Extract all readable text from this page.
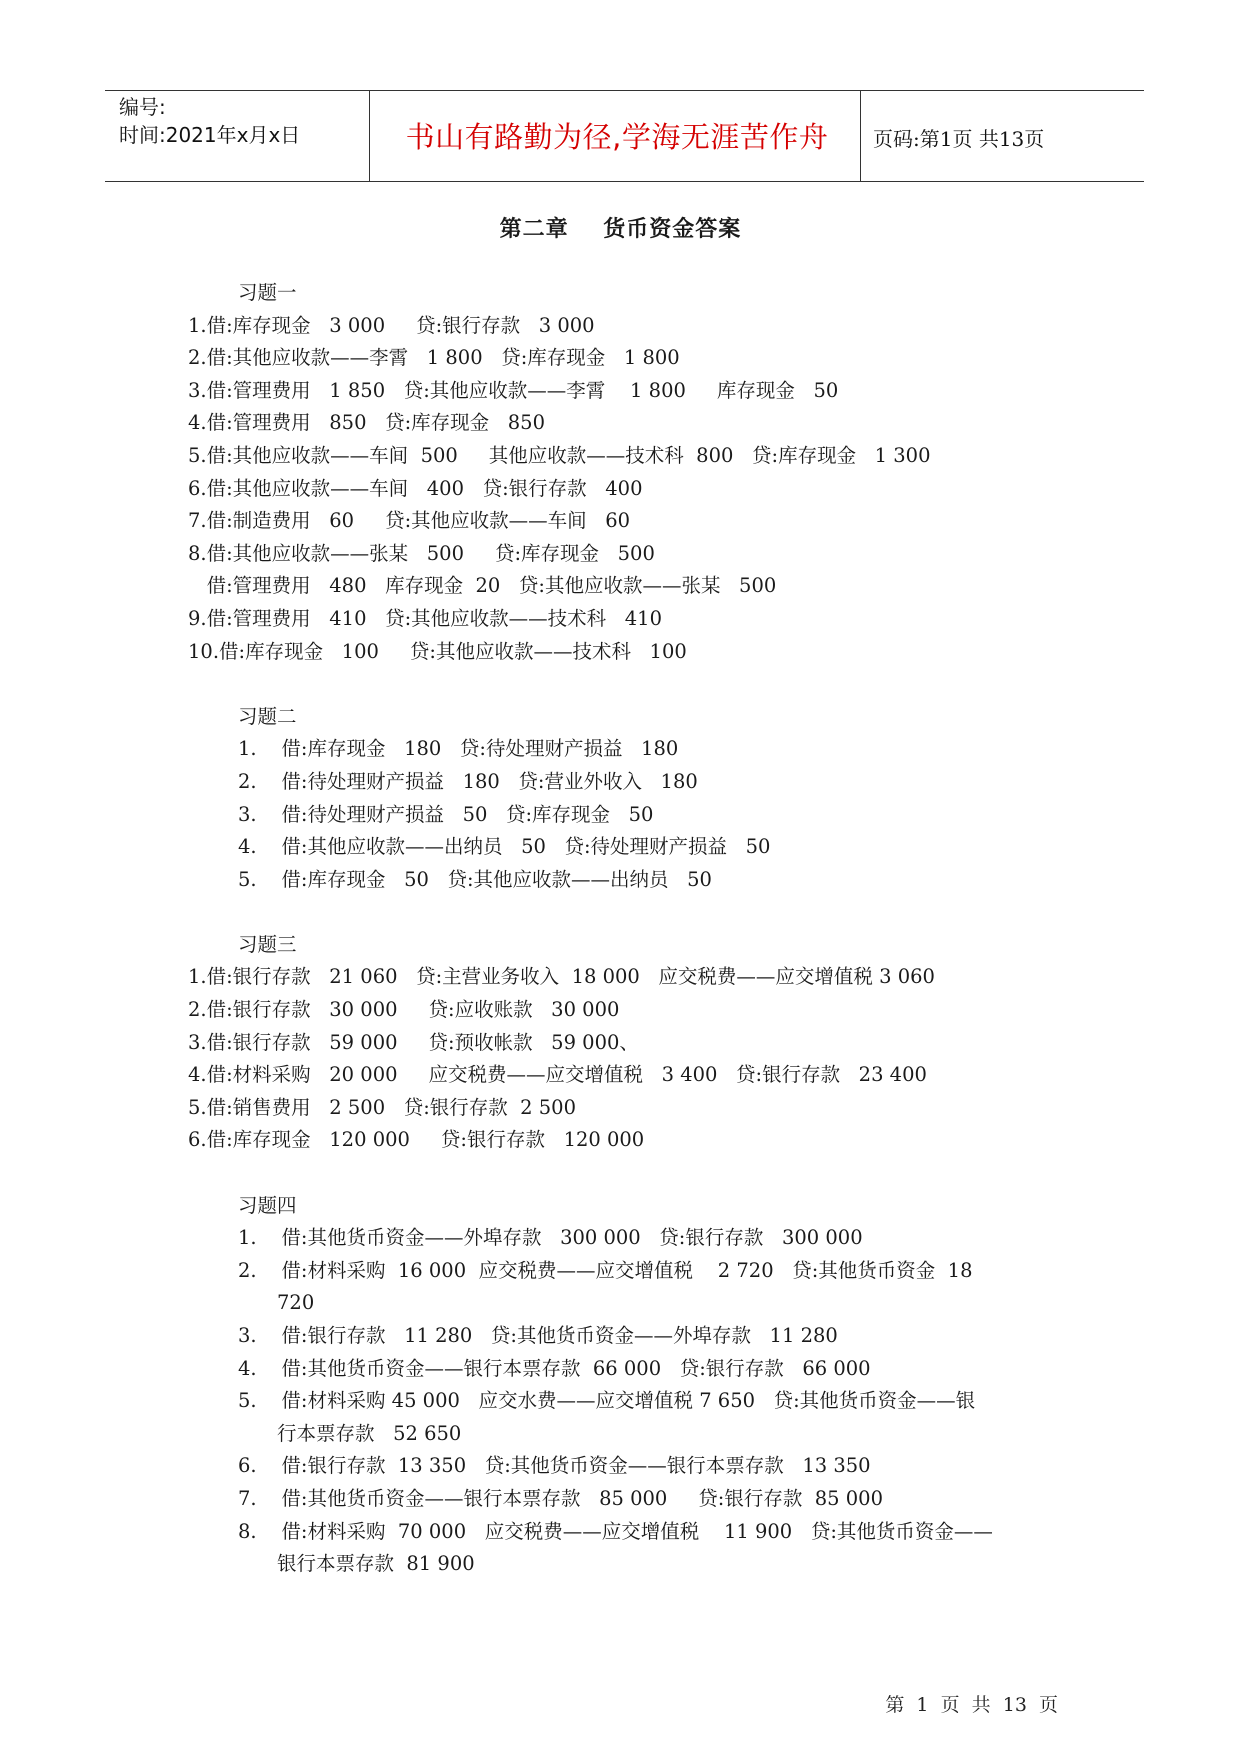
编号:
时间:2021年x月x日	书山有路勤为径,学海无涯苦作舟	页码:第1页 共13页
第二章    货币资金答案
习题一
1.借:库存现金   3 000     贷:银行存款   3 000
2.借:其他应收款——李霄   1 800   贷:库存现金   1 800
3.借:管理费用   1 850   贷:其他应收款——李霄    1 800     库存现金   50
4.借:管理费用   850   贷:库存现金   850
5.借:其他应收款——车间  500     其他应收款——技术科  800   贷:库存现金   1 300
6.借:其他应收款——车间   400   贷:银行存款   400
7.借:制造费用   60     贷:其他应收款——车间   60
8.借:其他应收款——张某   500     贷:库存现金   500
借:管理费用   480   库存现金  20   贷:其他应收款——张某   500
9.借:管理费用   410   贷:其他应收款——技术科   410
10.借:库存现金   100     贷:其他应收款——技术科   100
习题二
1.    借:库存现金   180   贷:待处理财产损益   180
2.    借:待处理财产损益   180   贷:营业外收入   180
3.    借:待处理财产损益   50   贷:库存现金   50
4.    借:其他应收款——出纳员   50   贷:待处理财产损益   50
5.    借:库存现金   50   贷:其他应收款——出纳员   50
习题三
1.借:银行存款   21 060   贷:主营业务收入  18 000   应交税费——应交增值税 3 060
2.借:银行存款   30 000     贷:应收账款   30 000
3.借:银行存款   59 000     贷:预收帐款   59 000、
4.借:材料采购   20 000     应交税费——应交增值税   3 400   贷:银行存款   23 400
5.借:销售费用   2 500   贷:银行存款  2 500
6.借:库存现金   120 000     贷:银行存款   120 000
习题四
1.    借:其他货币资金——外埠存款   300 000   贷:银行存款   300 000
2.    借:材料采购  16 000  应交税费——应交增值税    2 720   贷:其他货币资金  18
720
3.    借:银行存款   11 280   贷:其他货币资金——外埠存款   11 280
4.    借:其他货币资金——银行本票存款  66 000   贷:银行存款   66 000
5.    借:材料采购 45 000   应交水费——应交增值税 7 650   贷:其他货币资金——银
行本票存款   52 650
6.    借:银行存款  13 350   贷:其他货币资金——银行本票存款   13 350
7.    借:其他货币资金——银行本票存款   85 000     贷:银行存款  85 000
8.    借:材料采购  70 000   应交税费——应交增值税    11 900   贷:其他货币资金——
银行本票存款  81 900
第  1  页  共  13  页
